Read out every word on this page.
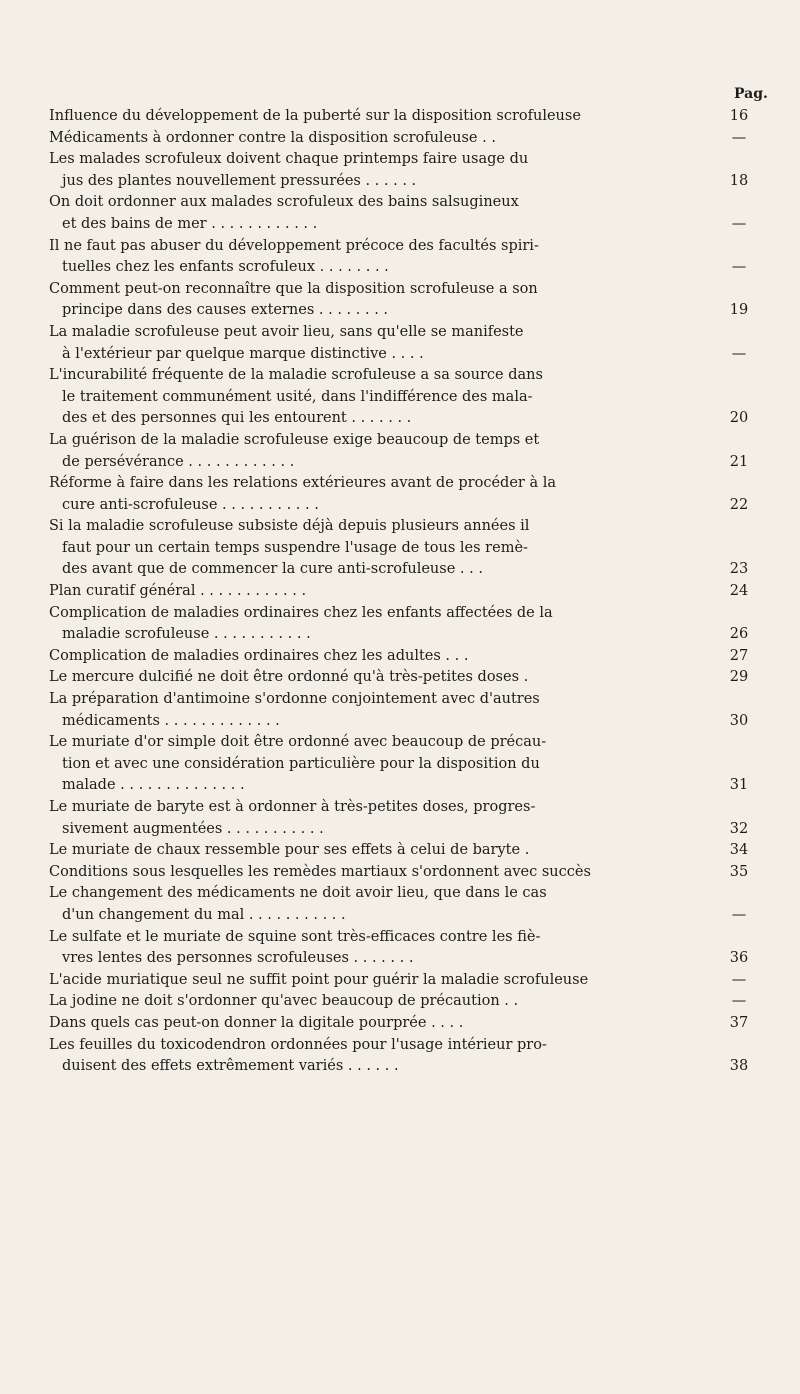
Pag.
Influence du développement de la puberté sur la disposition scrofuleuse	16
Médicaments à ordonner contre la disposition scrofuleuse . .	—
Les malades scrofuleux doivent chaque printemps faire usage du
jus des plantes nouvellement pressurées . . . . . .	18
On doit ordonner aux malades scrofuleux des bains salsugineux
et des bains de mer . . . . . . . . . . . .	—
Il ne faut pas abuser du développement précoce des facultés spiri-
tuelles chez les enfants scrofuleux . . . . . . . .	—
Comment peut-on reconnaître que la disposition scrofuleuse a son
principe dans des causes externes . . . . . . . .	19
La maladie scrofuleuse peut avoir lieu, sans qu'elle se manifeste
à l'extérieur par quelque marque distinctive . . . .	—
L'incurabilité fréquente de la maladie scrofuleuse a sa source dans
le traitement communément usité, dans l'indifférence des mala-
des et des personnes qui les entourent . . . . . . .	20
La guérison de la maladie scrofuleuse exige beaucoup de temps et
de persévérance . . . . . . . . . . . .	21
Réforme à faire dans les relations extérieures avant de procéder à la
cure anti-scrofuleuse . . . . . . . . . . .	22
Si la maladie scrofuleuse subsiste déjà depuis plusieurs années il
faut pour un certain temps suspendre l'usage de tous les remè-
des avant que de commencer la cure anti-scrofuleuse . . .	23
Plan curatif général . . . . . . . . . . . .	24
Complication de maladies ordinaires chez les enfants affectées de la
maladie scrofuleuse . . . . . . . . . . .	26
Complication de maladies ordinaires chez les adultes . . .	27
Le mercure dulcifié ne doit être ordonné qu'à très-petites doses .	29
La préparation d'antimoine s'ordonne conjointement avec d'autres
médicaments . . . . . . . . . . . . .	30
Le muriate d'or simple doit être ordonné avec beaucoup de précau-
tion et avec une considération particulière pour la disposition du
malade . . . . . . . . . . . . . .	31
Le muriate de baryte est à ordonner à très-petites doses, progres-
sivement augmentées . . . . . . . . . . .	32
Le muriate de chaux ressemble pour ses effets à celui de baryte .	34
Conditions sous lesquelles les remèdes martiaux s'ordonnent avec succès	35
Le changement des médicaments ne doit avoir lieu, que dans le cas
d'un changement du mal . . . . . . . . . . .	—
Le sulfate et le muriate de squine sont très-efficaces contre les fiè-
vres lentes des personnes scrofuleuses . . . . . . .	36
L'acide muriatique seul ne suffit point pour guérir la maladie scrofuleuse	—
La jodine ne doit s'ordonner qu'avec beaucoup de précaution . .	—
Dans quels cas peut-on donner la digitale pourprée . . . .	37
Les feuilles du toxicodendron ordonnées pour l'usage intérieur pro-
duisent des effets extrêmement variés . . . . . .	38
